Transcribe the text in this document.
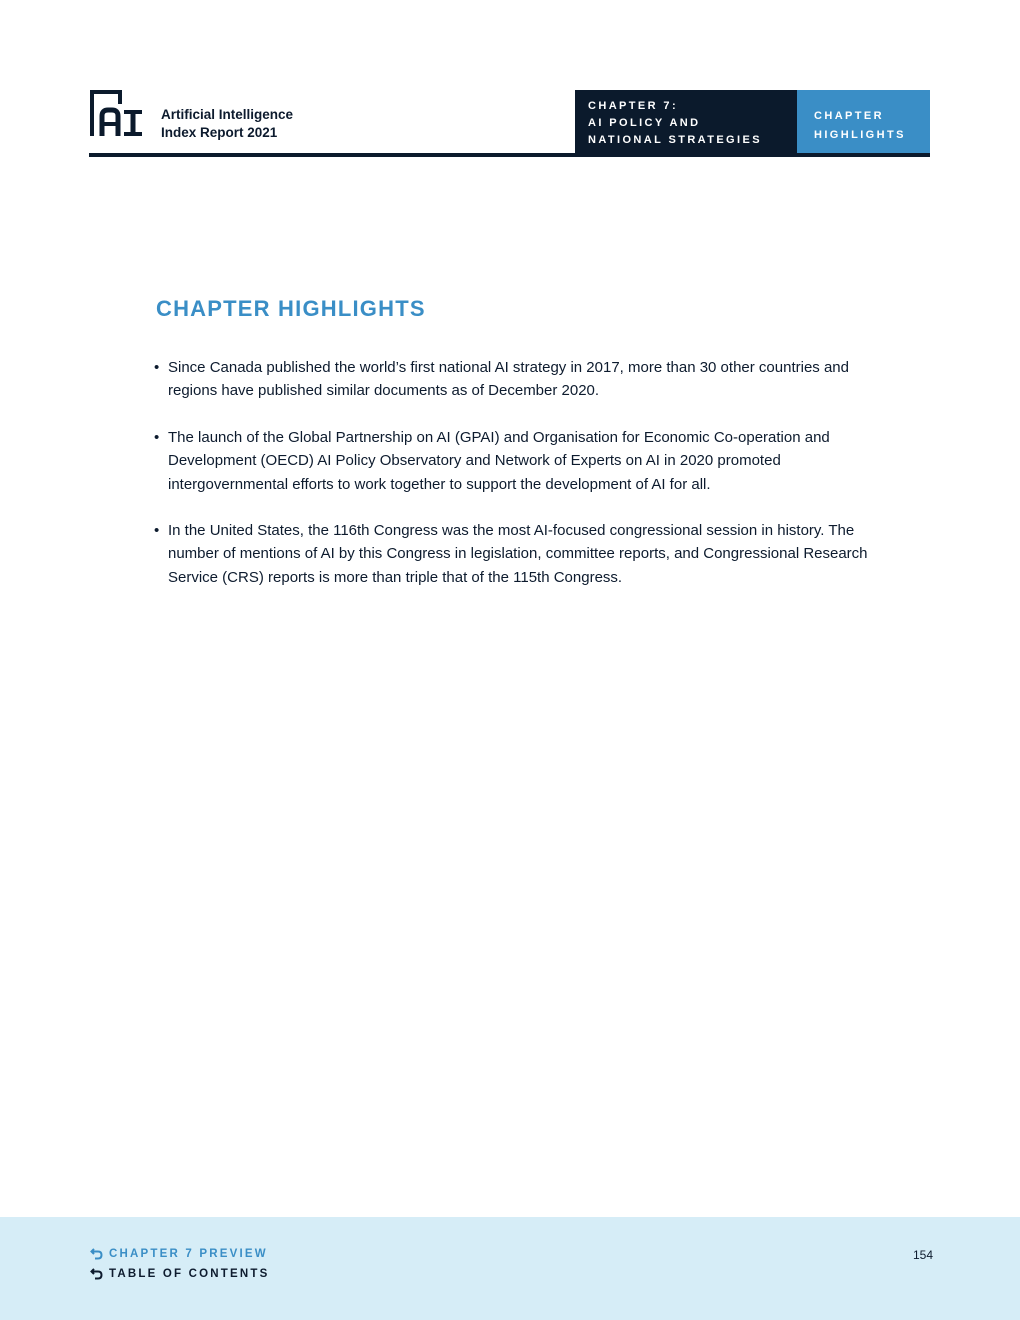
Artificial Intelligence
Index Report 2021
CHAPTER 7:
AI POLICY AND
NATIONAL STRATEGIES
CHAPTER
HIGHLIGHTS
CHAPTER HIGHLIGHTS
• Since Canada published the world’s first national AI strategy in 2017, more than 30 other countries and regions have published similar documents as of December 2020.
• The launch of the Global Partnership on AI (GPAI) and Organisation for Economic Co-operation and Development (OECD) AI Policy Observatory and Network of Experts on AI in 2020 promoted intergovernmental efforts to work together to support the development of AI for all.
• In the United States, the 116th Congress was the most AI-focused congressional session in history. The number of mentions of AI by this Congress in legislation, committee reports, and Congressional Research Service (CRS) reports is more than triple that of the 115th Congress.
CHAPTER 7 PREVIEW
TABLE OF CONTENTS
154
